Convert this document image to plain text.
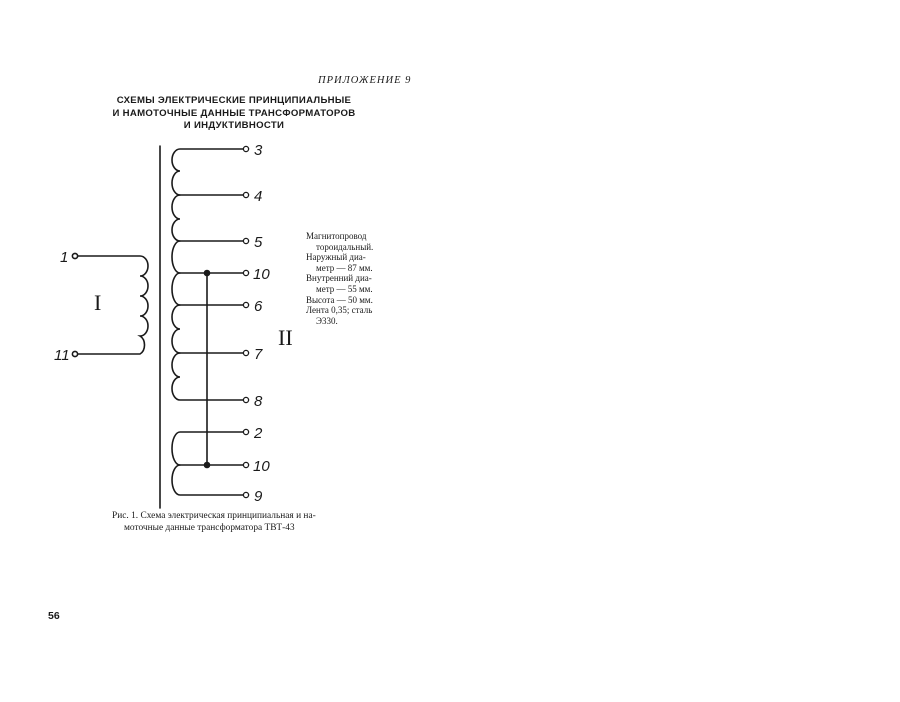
ПРИЛОЖЕНИЕ 9
СХЕМЫ ЭЛЕКТРИЧЕСКИЕ ПРИНЦИПИАЛЬНЫЕ
И НАМОТОЧНЫЕ ДАННЫЕ ТРАНСФОРМАТОРОВ
И ИНДУКТИВНОСТИ
1
11
3
4
5
10
6
7
8
2
10
9
I
II
Магнитопровод
тороидальный.
Наружный диа-
метр — 87 мм.
Внутренний диа-
метр — 55 мм.
Высота — 50 мм.
Лента 0,35; сталь
Э330.
Рис. 1. Схема электрическая принципиальная и на-
моточные данные трансформатора ТВТ-43
56
